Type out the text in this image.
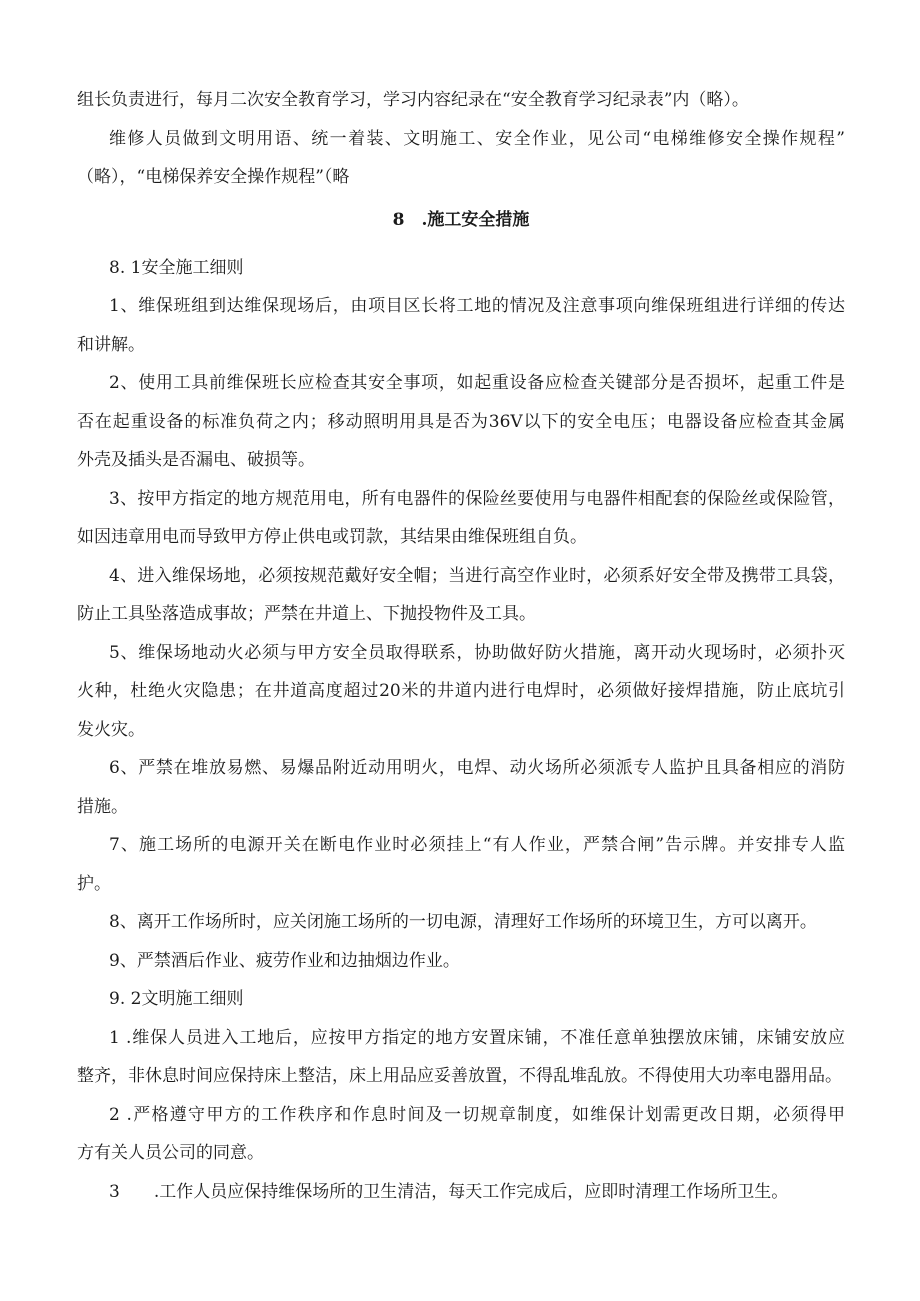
组长负责进行，每月二次安全教育学习，学习内容纪录在“安全教育学习纪录表”内（略）。
维修人员做到文明用语、统一着装、文明施工、安全作业，见公司“电梯维修安全操作规程”
（略），“电梯保养安全操作规程”（略
8　.施工安全措施
8. 1安全施工细则
1、维保班组到达维保现场后，由项目区长将工地的情况及注意事项向维保班组进行详细的传达
和讲解。
2、使用工具前维保班长应检查其安全事项，如起重设备应检查关键部分是否损坏，起重工件是
否在起重设备的标准负荷之内；移动照明用具是否为36V以下的安全电压；电器设备应检查其金属
外壳及插头是否漏电、破损等。
3、按甲方指定的地方规范用电，所有电器件的保险丝要使用与电器件相配套的保险丝或保险管，
如因违章用电而导致甲方停止供电或罚款，其结果由维保班组自负。
4、进入维保场地，必须按规范戴好安全帽；当进行高空作业时，必须系好安全带及携带工具袋，
防止工具坠落造成事故；严禁在井道上、下抛投物件及工具。
5、维保场地动火必须与甲方安全员取得联系，协助做好防火措施，离开动火现场时，必须扑灭
火种，杜绝火灾隐患；在井道高度超过20米的井道内进行电焊时，必须做好接焊措施，防止底坑引
发火灾。
6、严禁在堆放易燃、易爆品附近动用明火，电焊、动火场所必须派专人监护且具备相应的消防
措施。
7、施工场所的电源开关在断电作业时必须挂上“有人作业，严禁合闸”告示牌。并安排专人监
护。
8、离开工作场所时，应关闭施工场所的一切电源，清理好工作场所的环境卫生，方可以离开。
9、严禁酒后作业、疲劳作业和边抽烟边作业。
9. 2文明施工细则
1 .维保人员进入工地后，应按甲方指定的地方安置床铺，不准任意单独摆放床铺，床铺安放应
整齐，非休息时间应保持床上整洁，床上用品应妥善放置，不得乱堆乱放。不得使用大功率电器用品。
2 .严格遵守甲方的工作秩序和作息时间及一切规章制度，如维保计划需更改日期，必须得甲
方有关人员公司的同意。
3　　.工作人员应保持维保场所的卫生清洁，每天工作完成后，应即时清理工作场所卫生。
